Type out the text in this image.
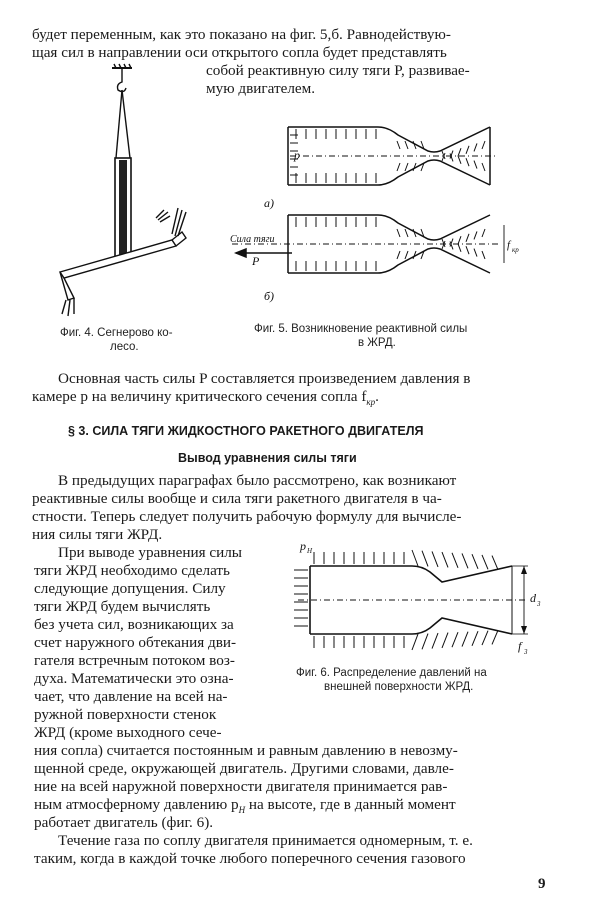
будет переменным, как это показано на фиг. 5,б. Равнодействую-
щая сил в направлении оси открытого сопла будет представлять
собой реактивную силу тяги P, развивае-
мую двигателем.
Фиг. 4. Сегнерово ко-
лесо.
p
а)
б)
Сила тяги
P
f кр
Фиг. 5. Возникновение реактивной силы
в ЖРД.
Основная часть силы P составляется произведением давления в
камере p на величину критического сечения сопла $f_{кр}$.
§ 3. СИЛА ТЯГИ ЖИДКОСТНОГО РАКЕТНОГО ДВИГАТЕЛЯ
Вывод уравнения силы тяги
В предыдущих параграфах было рассмотрено, как возникают
реактивные силы вообще и сила тяги ракетного двигателя в ча-
стности. Теперь следует получить рабочую формулу для вычисле-
ния силы тяги ЖРД.
При выводе уравнения силы
тяги ЖРД необходимо сделать
следующие допущения. Силу
тяги ЖРД будем вычислять
без учета сил, возникающих за
счет наружного обтекания дви-
гателя встречным потоком воз-
духа. Математически это озна-
чает, что давление на всей на-
ружной поверхности стенок
ЖРД (кроме выходного сече-
p Н
d 3
f 3
Фиг. 6. Распределение давлений на
внешней поверхности ЖРД.
ния сопла) считается постоянным и равным давлению в невозму-
щенной среде, окружающей двигатель. Другими словами, давле-
ние на всей наружной поверхности двигателя принимается рав-
ным атмосферному давлению $p_Н$ на высоте, где в данный момент
работает двигатель (фиг. 6).
Течение газа по соплу двигателя принимается одномерным, т. е.
таким, когда в каждой точке любого поперечного сечения газового
9
